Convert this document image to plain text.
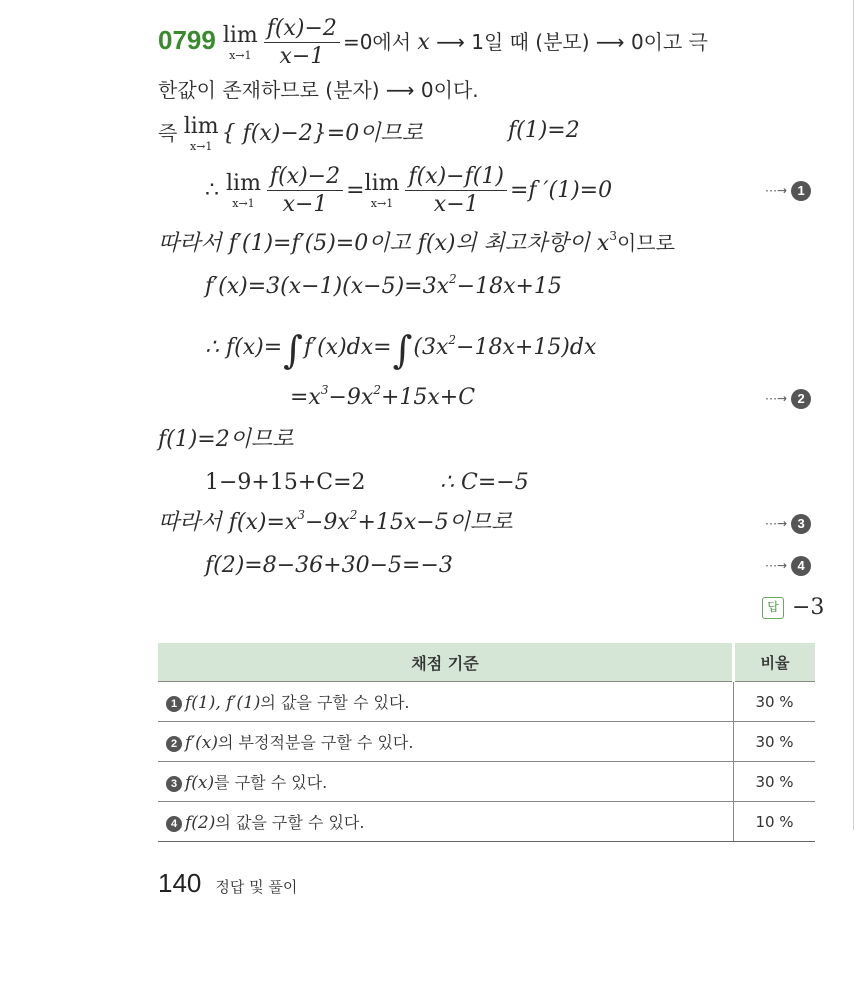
0799 lim
$x\to 1 \frac{f(x)-2}{x-1} =0$에서 x ⟶ 1일 때 (분모) ⟶ 0이고 극
한값이 존재하므로 (분자) ⟶ 0이다.
즉 lim
x→1
{ f(x)−2}=0이므로	f(1)=2
∴ lim
$x\to 1 \frac{f(x)-2}{x-1} = \lim$
$x\to 1 \frac{f(x)-f(1)}{x-1} =f$ ′(1)=0	⋯→ 1
따라서 f′(1)=f′(5)=0이고 f(x)의 최고차항이 $x^3$이므로
$f'(x)=3(x-1)(x-5)=3x^2-18x+15$
∴ $f(x)=\int f'(x)dx=\int(3x^2-18x+15)dx$
$=x^3-9x^2+15x+C$	⋯→ 2
f(1)=2이므로
1−9+15+C=2	∴ C=−5
따라서 $f(x)=x^3-9x^2+15x-5$이므로	⋯→ 3
f(2)=8−36+30−5=−3	⋯→ 4
답 −3
채점 기준	비율
1 f(1), f′(1)의 값을 구할 수 있다.	30 %
2 f′(x)의 부정적분을 구할 수 있다.	30 %
3 f(x)를 구할 수 있다.	30 %
4 f(2)의 값을 구할 수 있다.	10 %
140 정답 및 풀이
